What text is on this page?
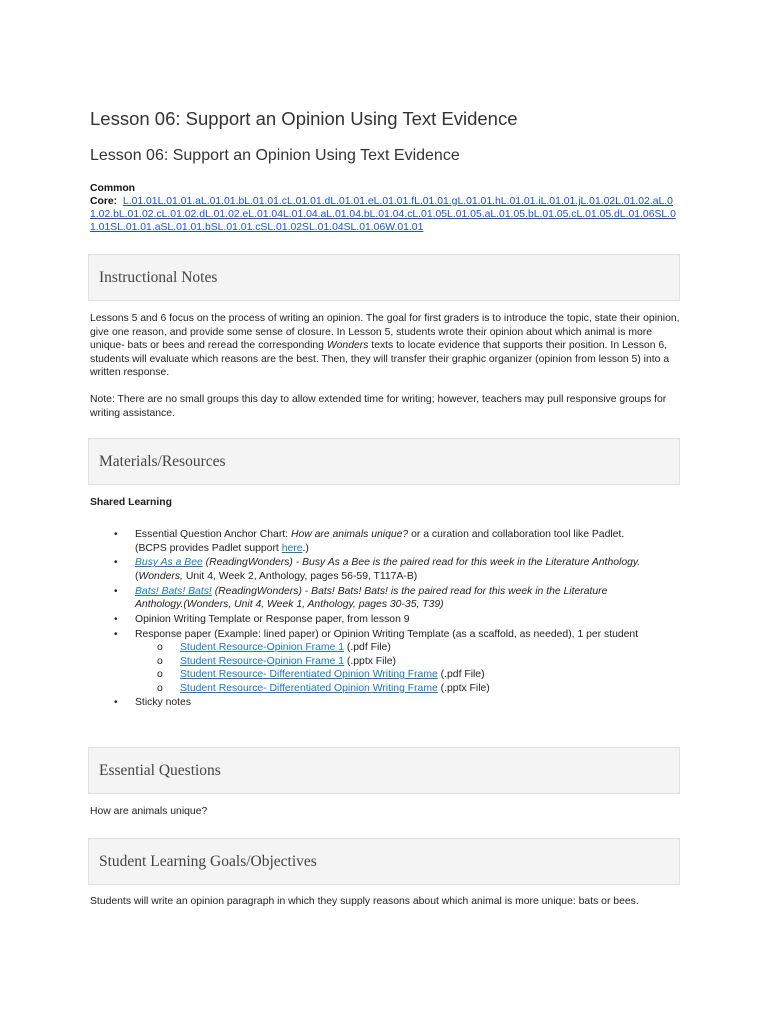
Lesson 06: Support an Opinion Using Text Evidence
Lesson 06: Support an Opinion Using Text Evidence
Common
Core: L.01.01L.01.01.aL.01.01.bL.01.01.cL.01.01.dL.01.01.eL.01.01.fL.01.01.gL.01.01.hL.01.01.iL.01.01.jL.01.02L.01.02.aL.01.02.bL.01.02.cL.01.02.dL.01.02.eL.01.04L.01.04.aL.01.04.bL.01.04.cL.01.05L.01.05.aL.01.05.bL.01.05.cL.01.05.dL.01.06SL.01.01SL.01.01.aSL.01.01.bSL.01.01.cSL.01.02SL.01.04SL.01.06W.01.01
Instructional Notes
Lessons 5 and 6 focus on the process of writing an opinion. The goal for first graders is to introduce the topic, state their opinion, give one reason, and provide some sense of closure. In Lesson 5, students wrote their opinion about which animal is more unique- bats or bees and reread the corresponding Wonders texts to locate evidence that supports their position. In Lesson 6, students will evaluate which reasons are the best. Then, they will transfer their graphic organizer (opinion from lesson 5) into a written response.
Note: There are no small groups this day to allow extended time for writing; however, teachers may pull responsive groups for writing assistance.
Materials/Resources
Shared Learning
• Essential Question Anchor Chart: How are animals unique? or a curation and collaboration tool like Padlet. (BCPS provides Padlet support here.)
• Busy As a Bee (ReadingWonders) - Busy As a Bee is the paired read for this week in the Literature Anthology. (Wonders, Unit 4, Week 2, Anthology, pages 56-59, T117A-B)
• Bats! Bats! Bats! (ReadingWonders) - Bats! Bats! Bats! is the paired read for this week in the Literature Anthology.(Wonders, Unit 4, Week 1, Anthology, pages 30-35, T39)
• Opinion Writing Template or Response paper, from lesson 9
• Response paper (Example: lined paper) or Opinion Writing Template (as a scaffold, as needed), 1 per student
o Student Resource-Opinion Frame 1 (.pdf File)
o Student Resource-Opinion Frame 1 (.pptx File)
o Student Resource- Differentiated Opinion Writing Frame (.pdf File)
o Student Resource- Differentiated Opinion Writing Frame (.pptx File)
• Sticky notes
Essential Questions
How are animals unique?
Student Learning Goals/Objectives
Students will write an opinion paragraph in which they supply reasons about which animal is more unique: bats or bees.
